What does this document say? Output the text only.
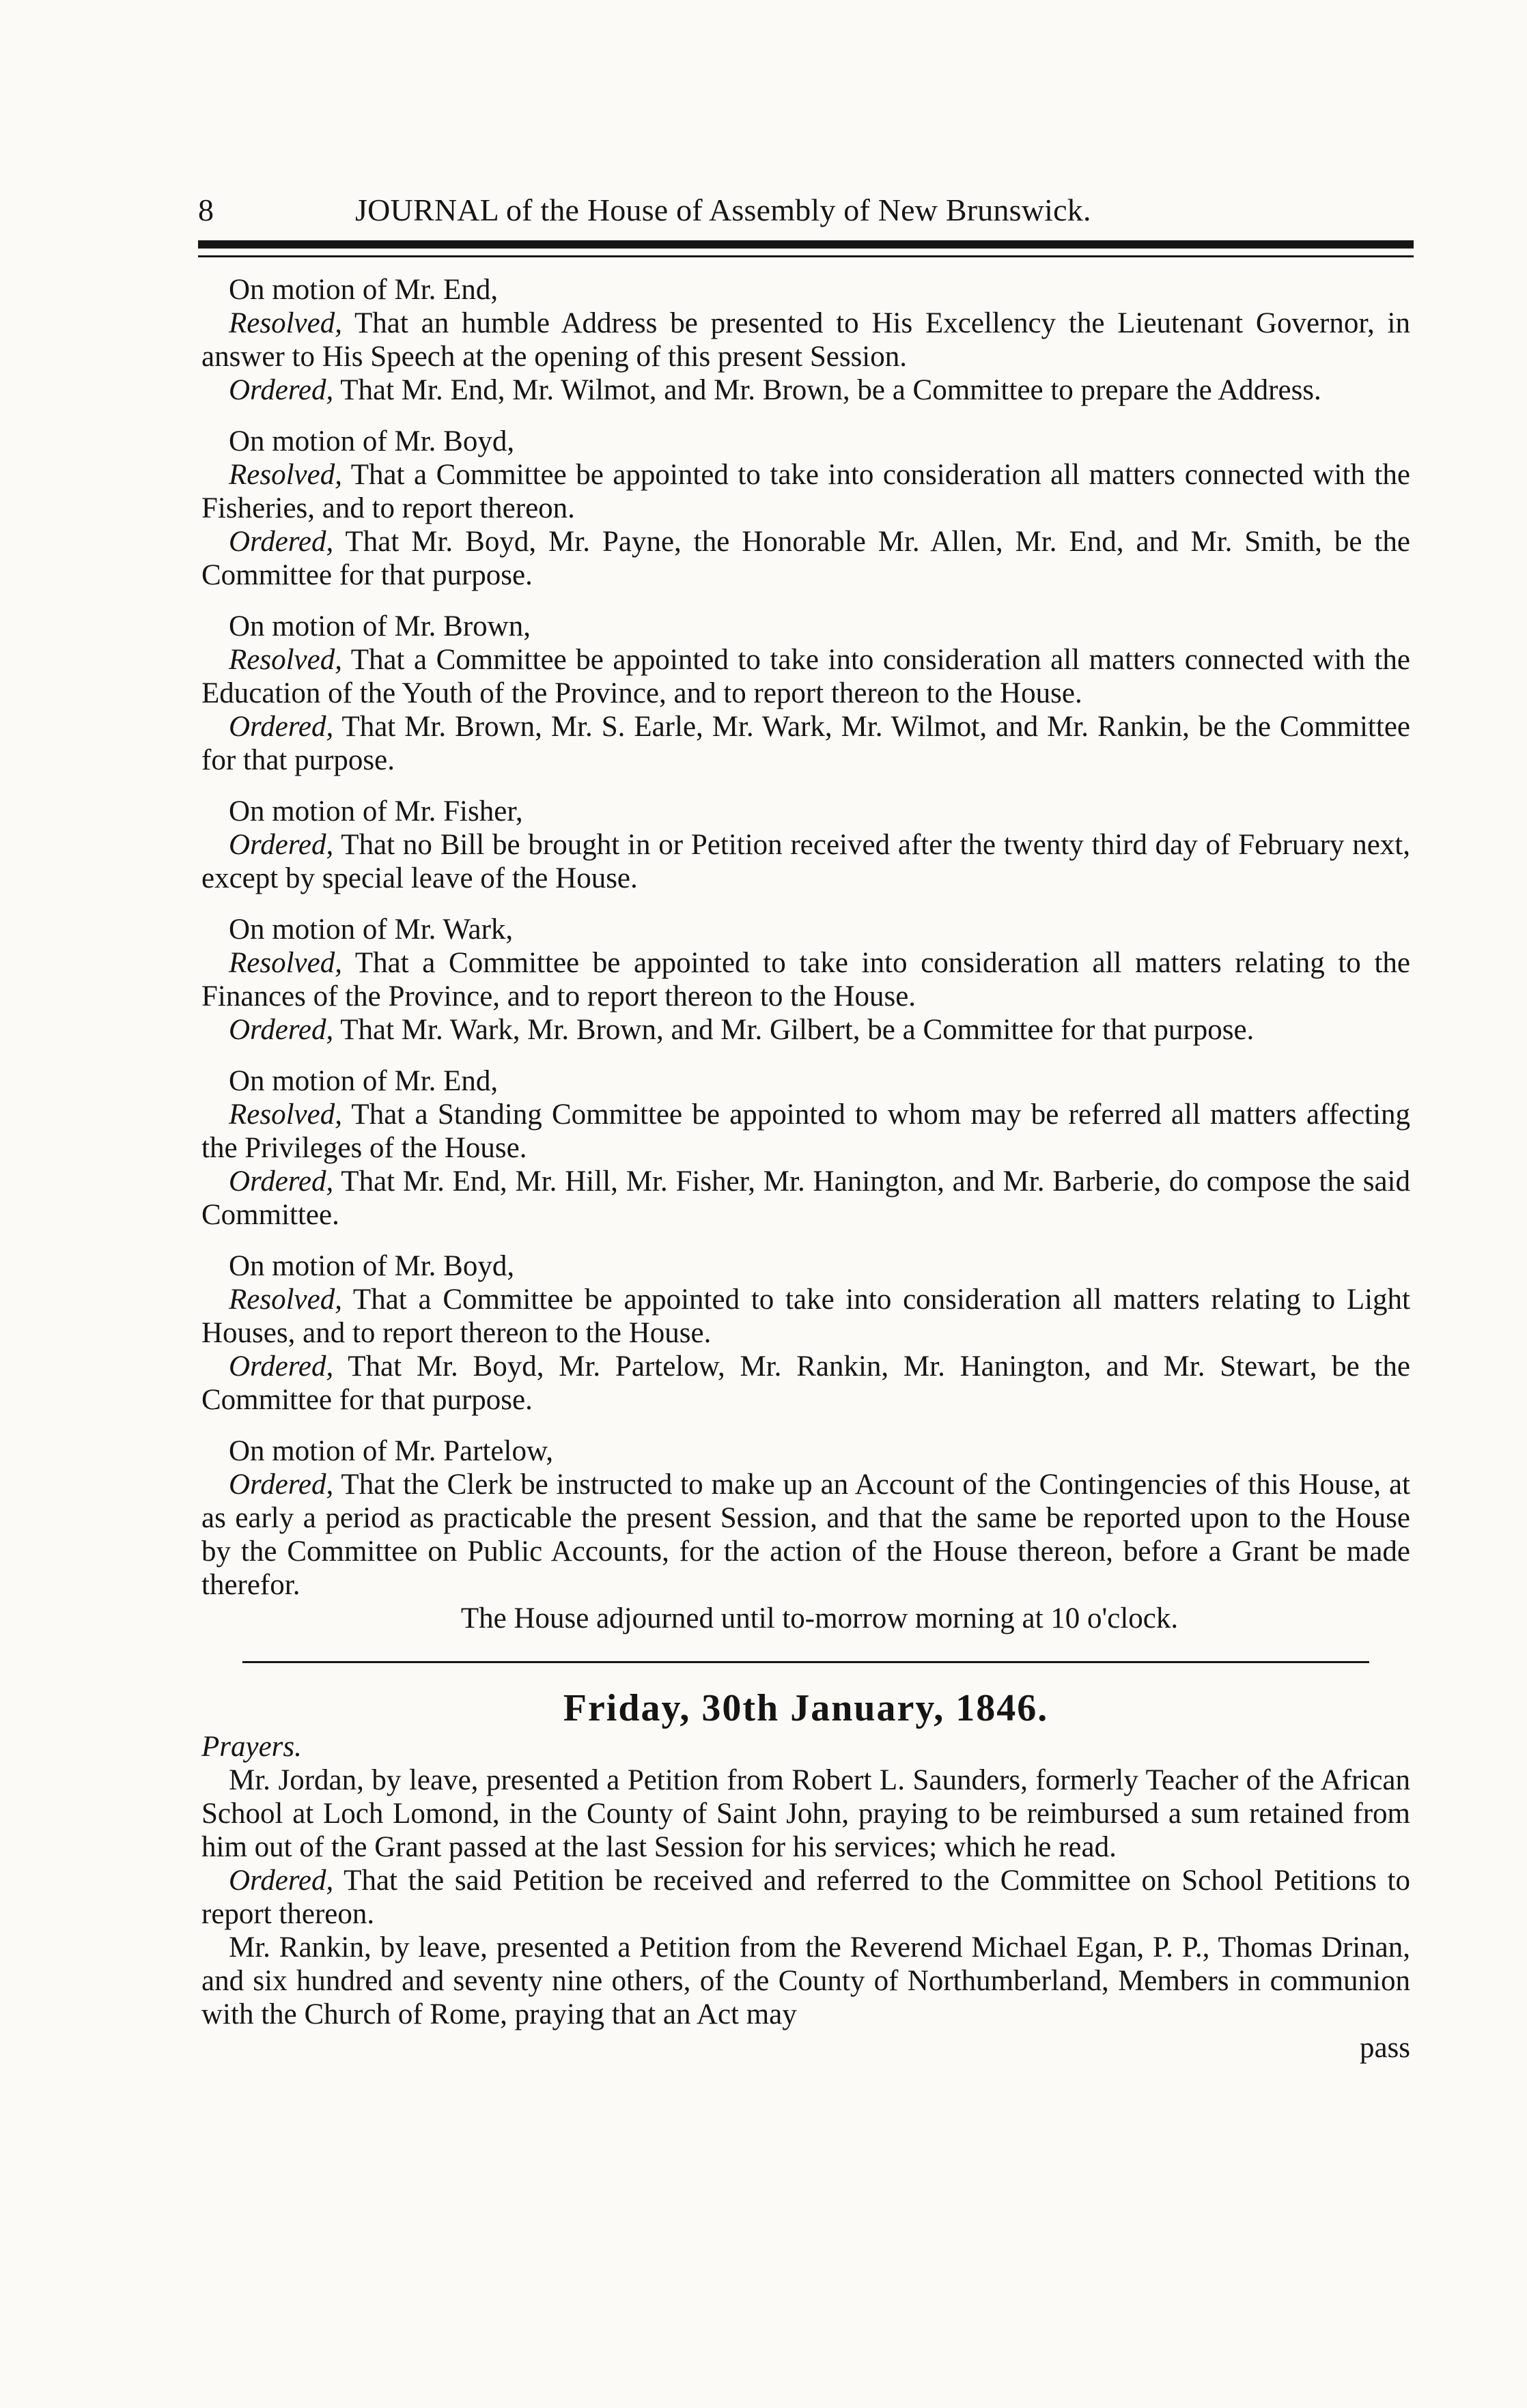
8	JOURNAL of the House of Assembly of New Brunswick.

On motion of Mr. End,

Resolved, That an humble Address be presented to His Excellency the Lieutenant Governor, in answer to His Speech at the opening of this present Session.

Ordered, That Mr. End, Mr. Wilmot, and Mr. Brown, be a Committee to prepare the Address.

On motion of Mr. Boyd,

Resolved, That a Committee be appointed to take into consideration all matters connected with the Fisheries, and to report thereon.

Ordered, That Mr. Boyd, Mr. Payne, the Honorable Mr. Allen, Mr. End, and Mr. Smith, be the Committee for that purpose.

On motion of Mr. Brown,

Resolved, That a Committee be appointed to take into consideration all matters connected with the Education of the Youth of the Province, and to report thereon to the House.

Ordered, That Mr. Brown, Mr. S. Earle, Mr. Wark, Mr. Wilmot, and Mr. Rankin, be the Committee for that purpose.

On motion of Mr. Fisher,

Ordered, That no Bill be brought in or Petition received after the twenty third day of February next, except by special leave of the House.

On motion of Mr. Wark,

Resolved, That a Committee be appointed to take into consideration all matters relating to the Finances of the Province, and to report thereon to the House.

Ordered, That Mr. Wark, Mr. Brown, and Mr. Gilbert, be a Committee for that purpose.

On motion of Mr. End,

Resolved, That a Standing Committee be appointed to whom may be referred all matters affecting the Privileges of the House.

Ordered, That Mr. End, Mr. Hill, Mr. Fisher, Mr. Hanington, and Mr. Barberie, do compose the said Committee.

On motion of Mr. Boyd,

Resolved, That a Committee be appointed to take into consideration all matters relating to Light Houses, and to report thereon to the House.

Ordered, That Mr. Boyd, Mr. Partelow, Mr. Rankin, Mr. Hanington, and Mr. Stewart, be the Committee for that purpose.

On motion of Mr. Partelow,

Ordered, That the Clerk be instructed to make up an Account of the Contingencies of this House, at as early a period as practicable the present Session, and that the same be reported upon to the House by the Committee on Public Accounts, for the action of the House thereon, before a Grant be made therefor.

The House adjourned until to-morrow morning at 10 o'clock.

Friday, 30th January, 1846.

Prayers.

Mr. Jordan, by leave, presented a Petition from Robert L. Saunders, formerly Teacher of the African School at Loch Lomond, in the County of Saint John, praying to be reimbursed a sum retained from him out of the Grant passed at the last Session for his services; which he read.

Ordered, That the said Petition be received and referred to the Committee on School Petitions to report thereon.

Mr. Rankin, by leave, presented a Petition from the Reverend Michael Egan, P. P., Thomas Drinan, and six hundred and seventy nine others, of the County of Northumberland, Members in communion with the Church of Rome, praying that an Act may

pass
